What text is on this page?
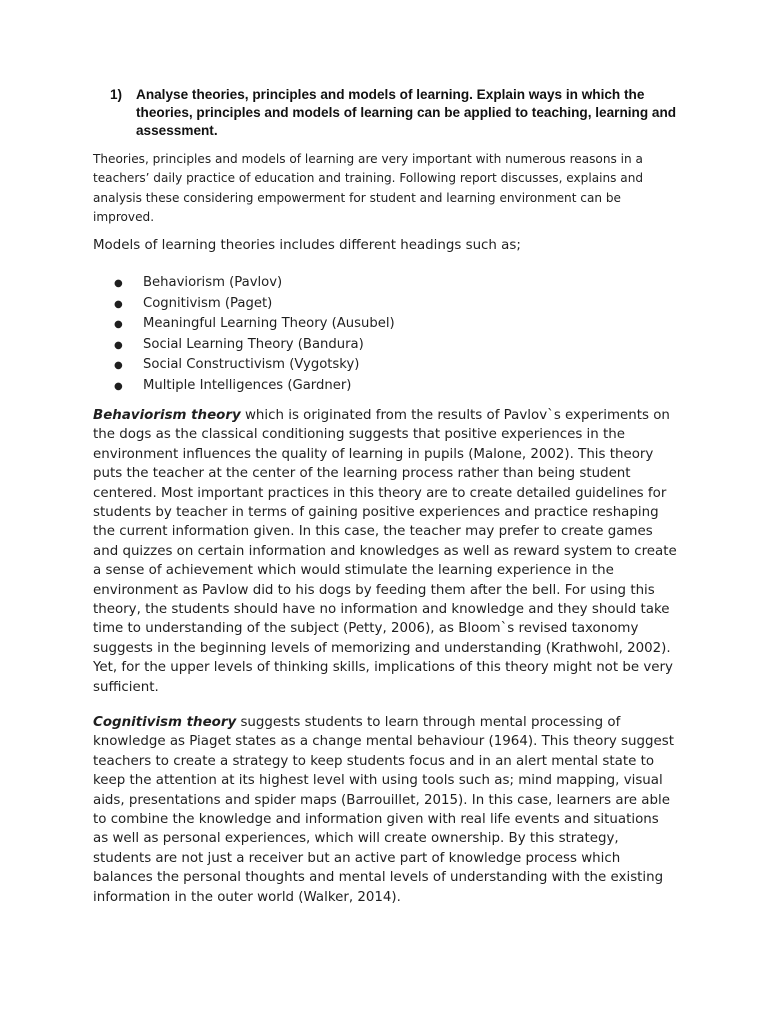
1)	Analyse theories, principles and models of learning. Explain ways in which the theories, principles and models of learning can be applied to teaching, learning and assessment.

Theories, principles and models of learning are very important with numerous reasons in a teachers’ daily practice of education and training. Following report discusses, explains and analysis these considering empowerment for student and learning environment can be improved.

Models of learning theories includes different headings such as;

●	Behaviorism (Pavlov)
●	Cognitivism (Paget)
●	Meaningful Learning Theory (Ausubel)
●	Social Learning Theory (Bandura)
●	Social Constructivism (Vygotsky)
●	Multiple Intelligences (Gardner)

Behaviorism theory which is originated from the results of Pavlov`s experiments on the dogs as the classical conditioning suggests that positive experiences in the environment influences the quality of learning in pupils (Malone, 2002). This theory puts the teacher at the center of the learning process rather than being student centered. Most important practices in this theory are to create detailed guidelines for students by teacher in terms of gaining positive experiences and practice reshaping the current information given. In this case, the teacher may prefer to create games and quizzes on certain information and knowledges as well as reward system to create a sense of achievement which would stimulate the learning experience in the environment as Pavlow did to his dogs by feeding them after the bell. For using this theory, the students should have no information and knowledge and they should take time to understanding of the subject (Petty, 2006), as Bloom`s revised taxonomy suggests in the beginning levels of memorizing and understanding (Krathwohl, 2002). Yet, for the upper levels of thinking skills, implications of this theory might not be very sufficient.

Cognitivism theory suggests students to learn through mental processing of knowledge as Piaget states as a change mental behaviour (1964). This theory suggest teachers to create a strategy to keep students focus and in an alert mental state to keep the attention at its highest level with using tools such as; mind mapping, visual aids, presentations and spider maps (Barrouillet, 2015). In this case, learners are able to combine the knowledge and information given with real life events and situations as well as personal experiences, which will create ownership. By this strategy, students are not just a receiver but an active part of knowledge process which balances the personal thoughts and mental levels of understanding with the existing information in the outer world (Walker, 2014).
